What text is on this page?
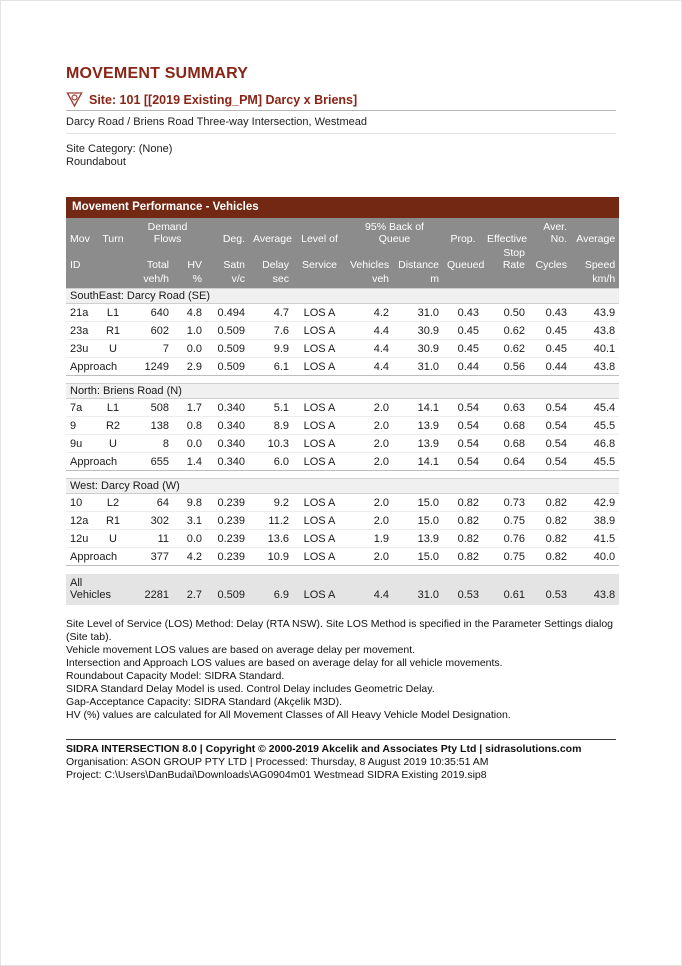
MOVEMENT SUMMARY
Site: 101 [[2019 Existing_PM] Darcy x Briens]
Darcy Road / Briens Road Three-way Intersection, Westmead
Site Category: (None)
Roundabout
Movement Performance - Vehicles												
Mov	Turn	Demand Flows		Deg.	Average	Level of	95% Back of Queue		Prop.	Effective	Aver. No.	Average
ID		Total	HV	Satn	Delay	Service	Vehicles	Distance	Queued	Stop Rate	Cycles	Speed
		veh/h	%	v/c	sec		veh	m				km/h
SouthEast: Darcy Road (SE)												
21a	L1	640	4.8	0.494	4.7	LOS A	4.2	31.0	0.43	0.50	0.43	43.9
23a	R1	602	1.0	0.509	7.6	LOS A	4.4	30.9	0.45	0.62	0.45	43.8
23u	U	7	0.0	0.509	9.9	LOS A	4.4	30.9	0.45	0.62	0.45	40.1
Approach		1249	2.9	0.509	6.1	LOS A	4.4	31.0	0.44	0.56	0.44	43.8

North: Briens Road (N)												
7a	L1	508	1.7	0.340	5.1	LOS A	2.0	14.1	0.54	0.63	0.54	45.4
9	R2	138	0.8	0.340	8.9	LOS A	2.0	13.9	0.54	0.68	0.54	45.5
9u	U	8	0.0	0.340	10.3	LOS A	2.0	13.9	0.54	0.68	0.54	46.8
Approach		655	1.4	0.340	6.0	LOS A	2.0	14.1	0.54	0.64	0.54	45.5

West: Darcy Road (W)												
10	L2	64	9.8	0.239	9.2	LOS A	2.0	15.0	0.82	0.73	0.82	42.9
12a	R1	302	3.1	0.239	11.2	LOS A	2.0	15.0	0.82	0.75	0.82	38.9
12u	U	11	0.0	0.239	13.6	LOS A	1.9	13.9	0.82	0.76	0.82	41.5
Approach		377	4.2	0.239	10.9	LOS A	2.0	15.0	0.82	0.75	0.82	40.0

All Vehicles		2281	2.7	0.509	6.9	LOS A	4.4	31.0	0.53	0.61	0.53	43.8
Site Level of Service (LOS) Method: Delay (RTA NSW). Site LOS Method is specified in the Parameter Settings dialog (Site tab).
Vehicle movement LOS values are based on average delay per movement.
Intersection and Approach LOS values are based on average delay for all vehicle movements.
Roundabout Capacity Model: SIDRA Standard.
SIDRA Standard Delay Model is used. Control Delay includes Geometric Delay.
Gap-Acceptance Capacity: SIDRA Standard (Akçelik M3D).
HV (%) values are calculated for All Movement Classes of All Heavy Vehicle Model Designation.
SIDRA INTERSECTION 8.0 | Copyright © 2000-2019 Akcelik and Associates Pty Ltd | sidrasolutions.com
Organisation: ASON GROUP PTY LTD | Processed: Thursday, 8 August 2019 10:35:51 AM
Project: C:\Users\DanBudai\Downloads\AG0904m01 Westmead SIDRA Existing 2019.sip8
